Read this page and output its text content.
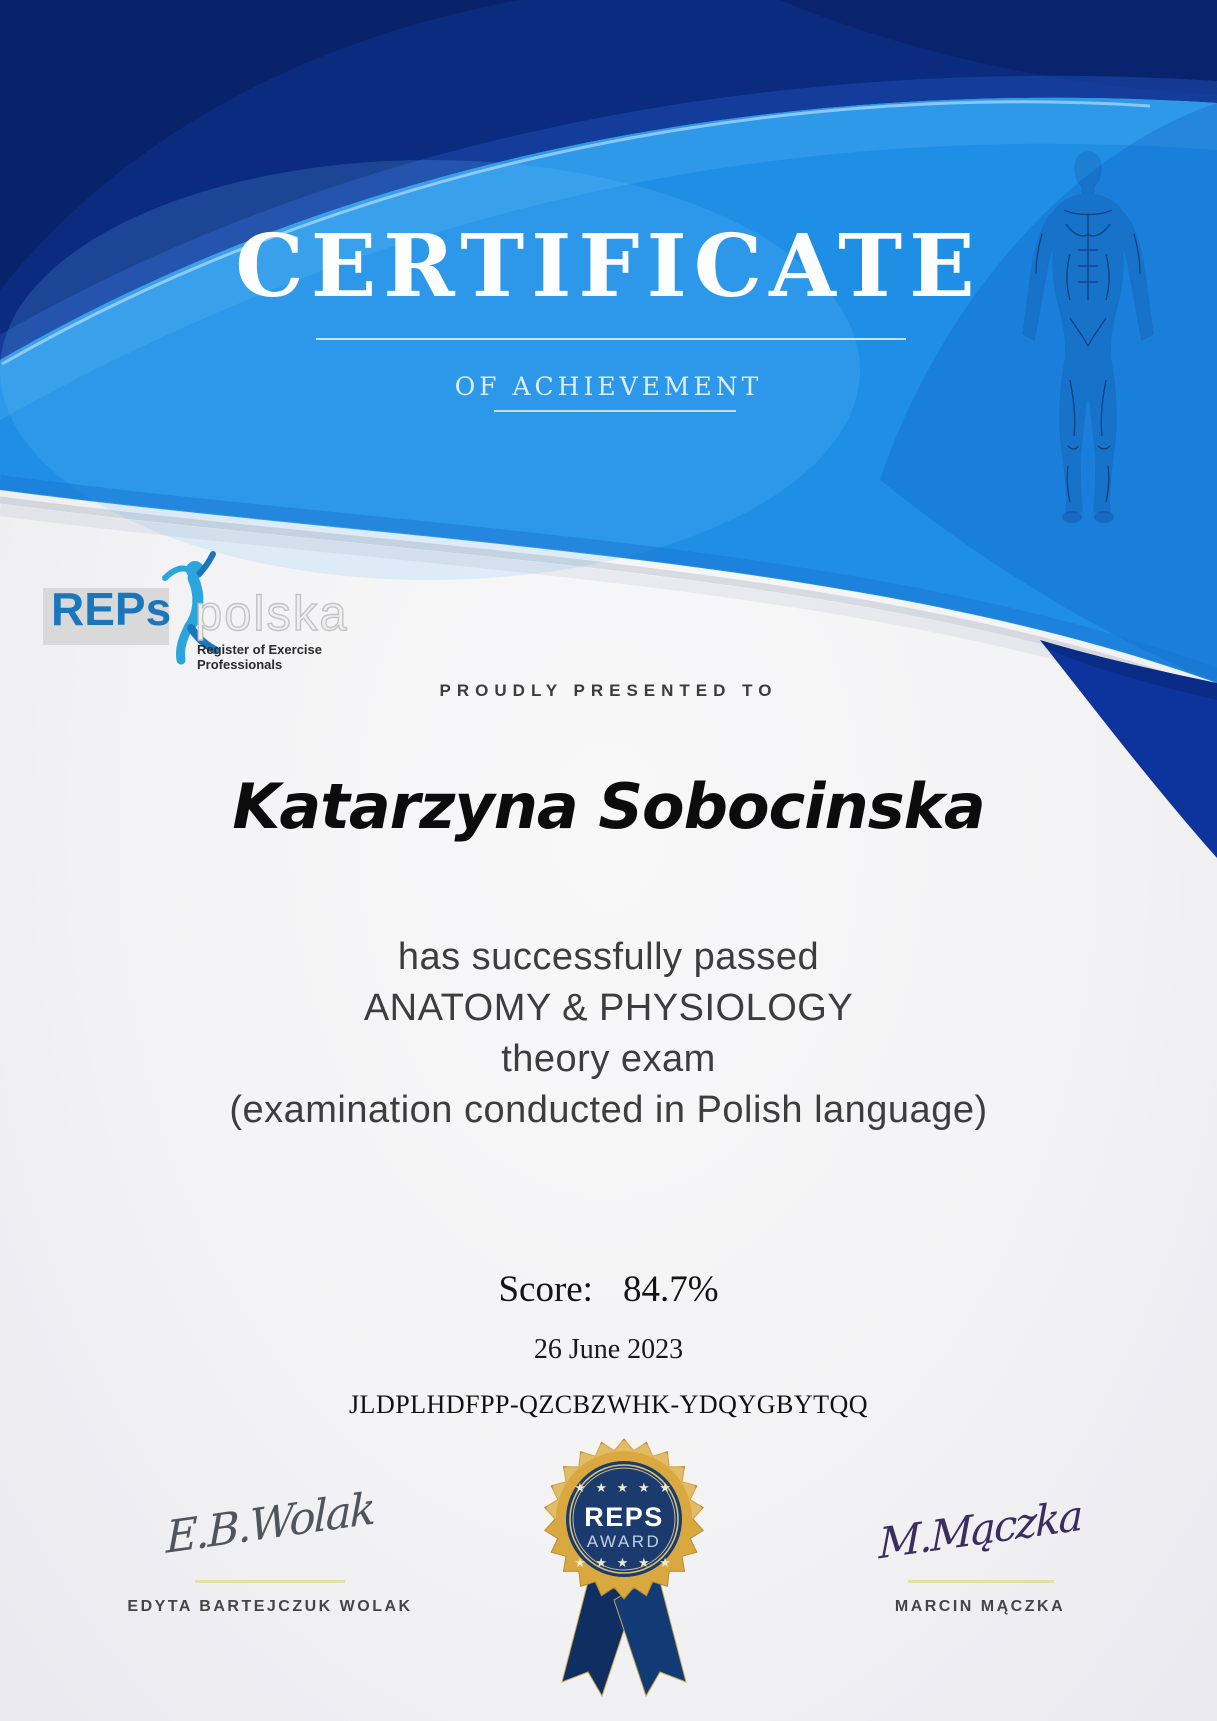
CERTIFICATE
OF ACHIEVEMENT
REPs polska
Register of Exercise Professionals
PROUDLY PRESENTED TO
Katarzyna Sobocinska
has successfully passed
ANATOMY & PHYSIOLOGY
theory exam
(examination conducted in Polish language)
Score: 84.7%
26 June 2023
JLDPLHDFPP-QZCBZWHK-YDQYGBYTQQ
★ ★ ★ ★ ★
REPS
AWARD
★ ★ ★ ★ ★
E.B.Wolak
EDYTA BARTEJCZUK WOLAK
M.Mączka
MARCIN MĄCZKA
